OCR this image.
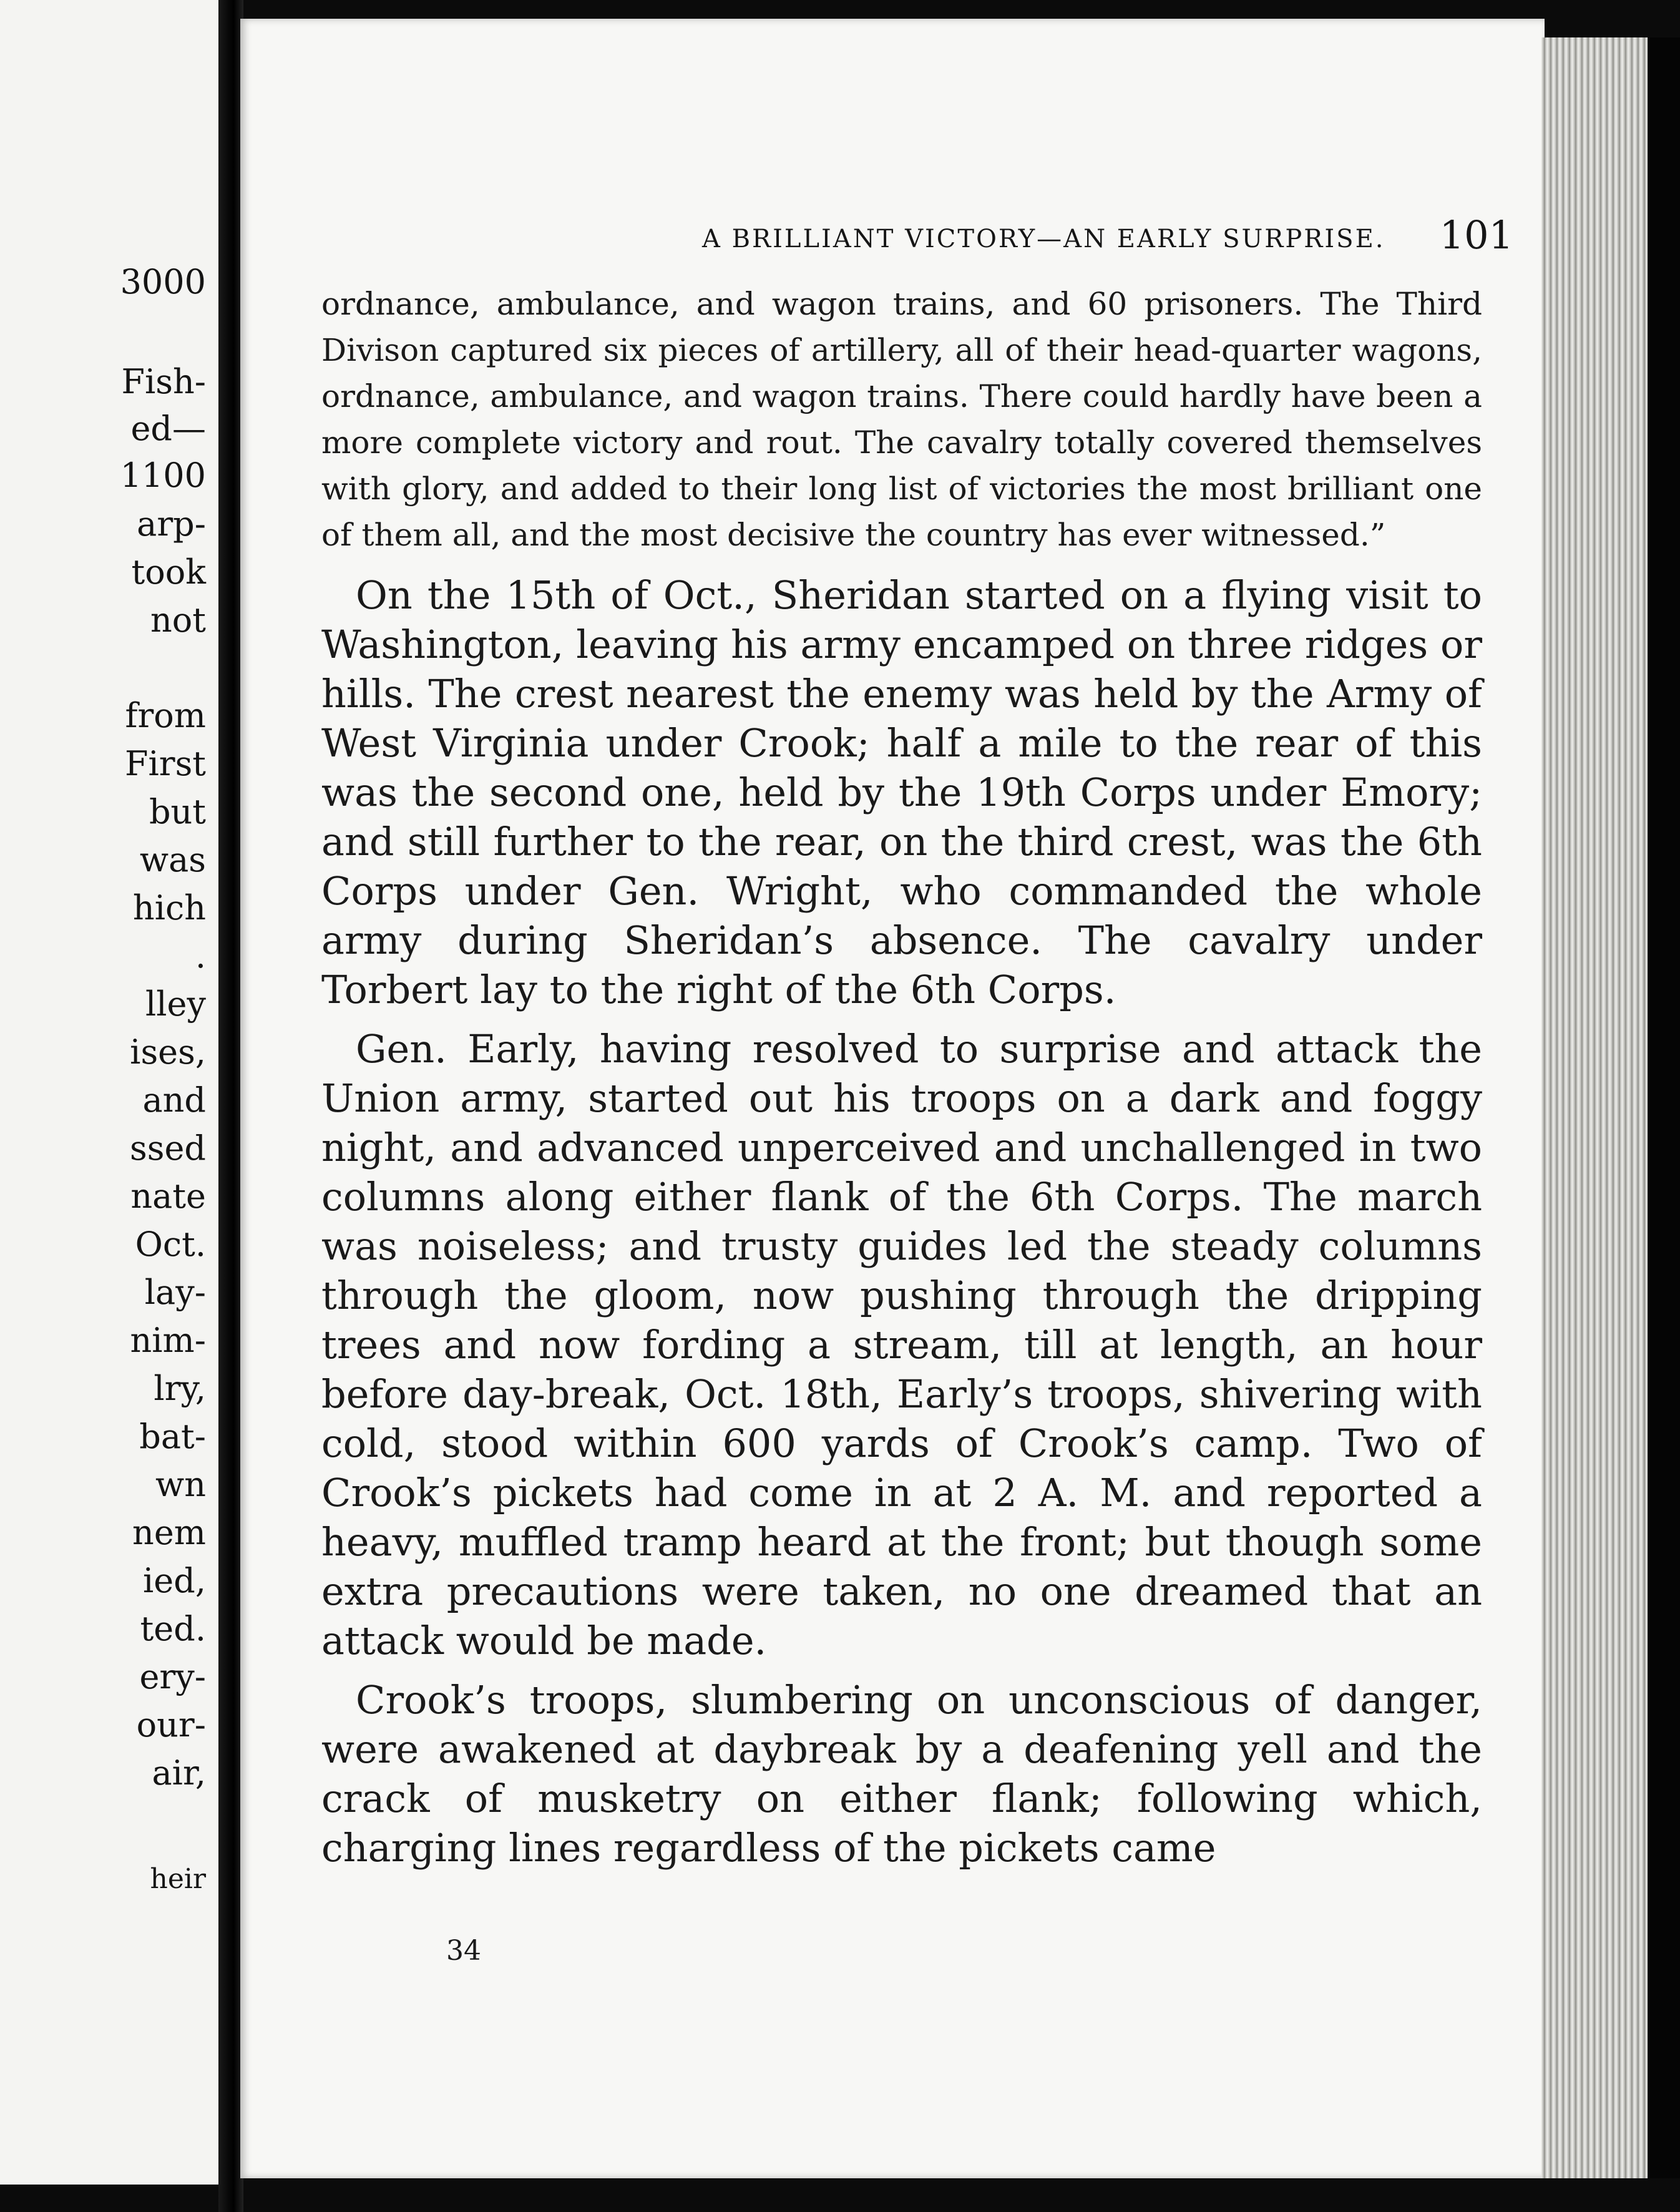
3000
Fish-
ed—
1100
arp-
took
not
from
First
but
was
hich
.
lley
ises,
and
ssed
nate
Oct.
lay-
nim-
lry,
bat-
wn
nem
ied,
ted.
ery-
our-
air,
heir
A BRILLIANT VICTORY—AN EARLY SURPRISE. 101

ordnance, ambulance, and wagon trains, and 60 prisoners. The Third Divison captured six pieces of artillery, all of their head-quarter wagons, ordnance, ambulance, and wagon trains. There could hardly have been a more complete victory and rout. The cavalry totally covered themselves with glory, and added to their long list of victories the most brilliant one of them all, and the most decisive the country has ever witnessed.”

On the 15th of Oct., Sheridan started on a flying visit to Washington, leaving his army encamped on three ridges or hills. The crest nearest the enemy was held by the Army of West Virginia under Crook; half a mile to the rear of this was the second one, held by the 19th Corps under Emory; and still further to the rear, on the third crest, was the 6th Corps under Gen. Wright, who commanded the whole army during Sheridan’s absence. The cavalry under Torbert lay to the right of the 6th Corps.

Gen. Early, having resolved to surprise and attack the Union army, started out his troops on a dark and foggy night, and advanced unperceived and unchallenged in two columns along either flank of the 6th Corps. The march was noiseless; and trusty guides led the steady columns through the gloom, now pushing through the dripping trees and now fording a stream, till at length, an hour before day-break, Oct. 18th, Early’s troops, shivering with cold, stood within 600 yards of Crook’s camp. Two of Crook’s pickets had come in at 2 A. M. and reported a heavy, muffled tramp heard at the front; but though some extra precautions were taken, no one dreamed that an attack would be made.

Crook’s troops, slumbering on unconscious of danger, were awakened at daybreak by a deafening yell and the crack of musketry on either flank; following which, charging lines regardless of the pickets came

34
